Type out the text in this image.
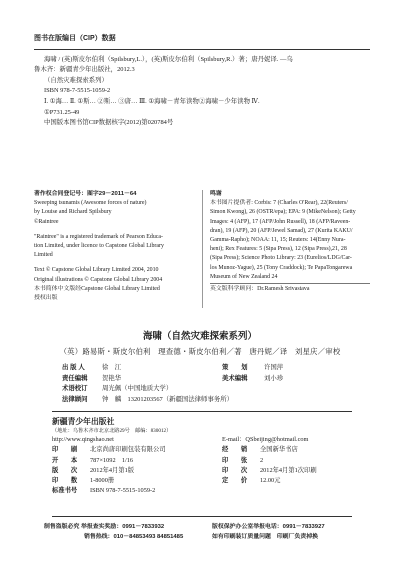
图书在版编目（CIP）数据
海啸 / (英)斯皮尔伯利（Spilsbury,L.），(英)斯皮尔伯利（Spilsbury,R.）著；唐丹妮译. —乌
鲁木齐：新疆青少年出版社，2012.3
（自然灾难探索系列）
ISBN 978-7-5515-1059-2
Ⅰ. ①海… Ⅱ. ①斯… ②斯… ③唐… Ⅲ. ①海啸－青年读物②海啸－少年读物 Ⅳ.
①P731.25-49
中国版本图书馆CIP数据核字(2012)第020784号
著作权合同登记号：图字29－2011－64
Sweeping tsunamis (Awesome forces of nature)
by Louise and Richard Spilsbury
©Raintree
"Raintree" is a registered trademark of Pearson Educa-
tion Limited, under licence to Capstone Global Library
Limited
Text © Capstone Global Library Limited 2004, 2010
Original illustrations © Capstone Global Library 2004
本书简体中文版经Capstone Global Library Limited
授权出版
鸣谢
本书图片提供者: Corbis: 7 (Charles O'Rear), 22(Reuters/
Simon Kwong), 26 (OSTR/epa); EPA: 9 (MikeNelson); Getty
Images: 4 (AFP), 17 (AFP/John Russell), 18 (AFP/Raveen-
dran), 19 (AFP), 20 (AFP/Jewel Samad), 27 (Kurita KAKU/
Gamma-Rapho); NOAA: 11, 15; Reuters: 14(Enny Nura-
heni); Rex Features: 5 (Sipa Press), 12 (Sipa Press),21, 28
(Sipa Press); Science Photo Library: 23 (Eurelios/LDG/Car-
los Munoz-Yague), 25 (Tony Craddock); Te PapaTongarewa
Museum of New Zealand 24
英文版科学顾问：Dr.Ramesh Srivastava
海啸（自然灾难探索系列）
（英）路易斯・斯皮尔伯利　理查德・斯皮尔伯利／著　唐丹妮／译　刘星庆／审校
出 版 人	徐　江	策　　划	许国萍
责任编辑	贺艳华	美术编辑	刘小珍
术语校订	周光佩（中国地质大学）
法律顾问	钟　麟　13201203567（新疆国法律师事务所）
新疆青少年出版社
（地址：乌鲁木齐市北京北路29号　邮编：830012）
http://www.qingshao.net	E-mail：QSbeijing@hotmail.com
印　　刷	北京尚唐印刷包装有限公司	经　　销	全国新华书店
开　　本	787×1092　1/16	印　　张	2
版　　次	2012年4月第1版	印　　次	2012年4月第1次印刷
印　　数	1-8000册	定　　价	12.00元
标准书号	ISBN 978-7-5515-1059-2
制售盗版必究 举报查实奖励：0991－7833932	版权保护办公室举报电话：0991－7833927
销售热线：010－84853493 84851485	如有印刷装订质量问题　印刷厂负责掉换
